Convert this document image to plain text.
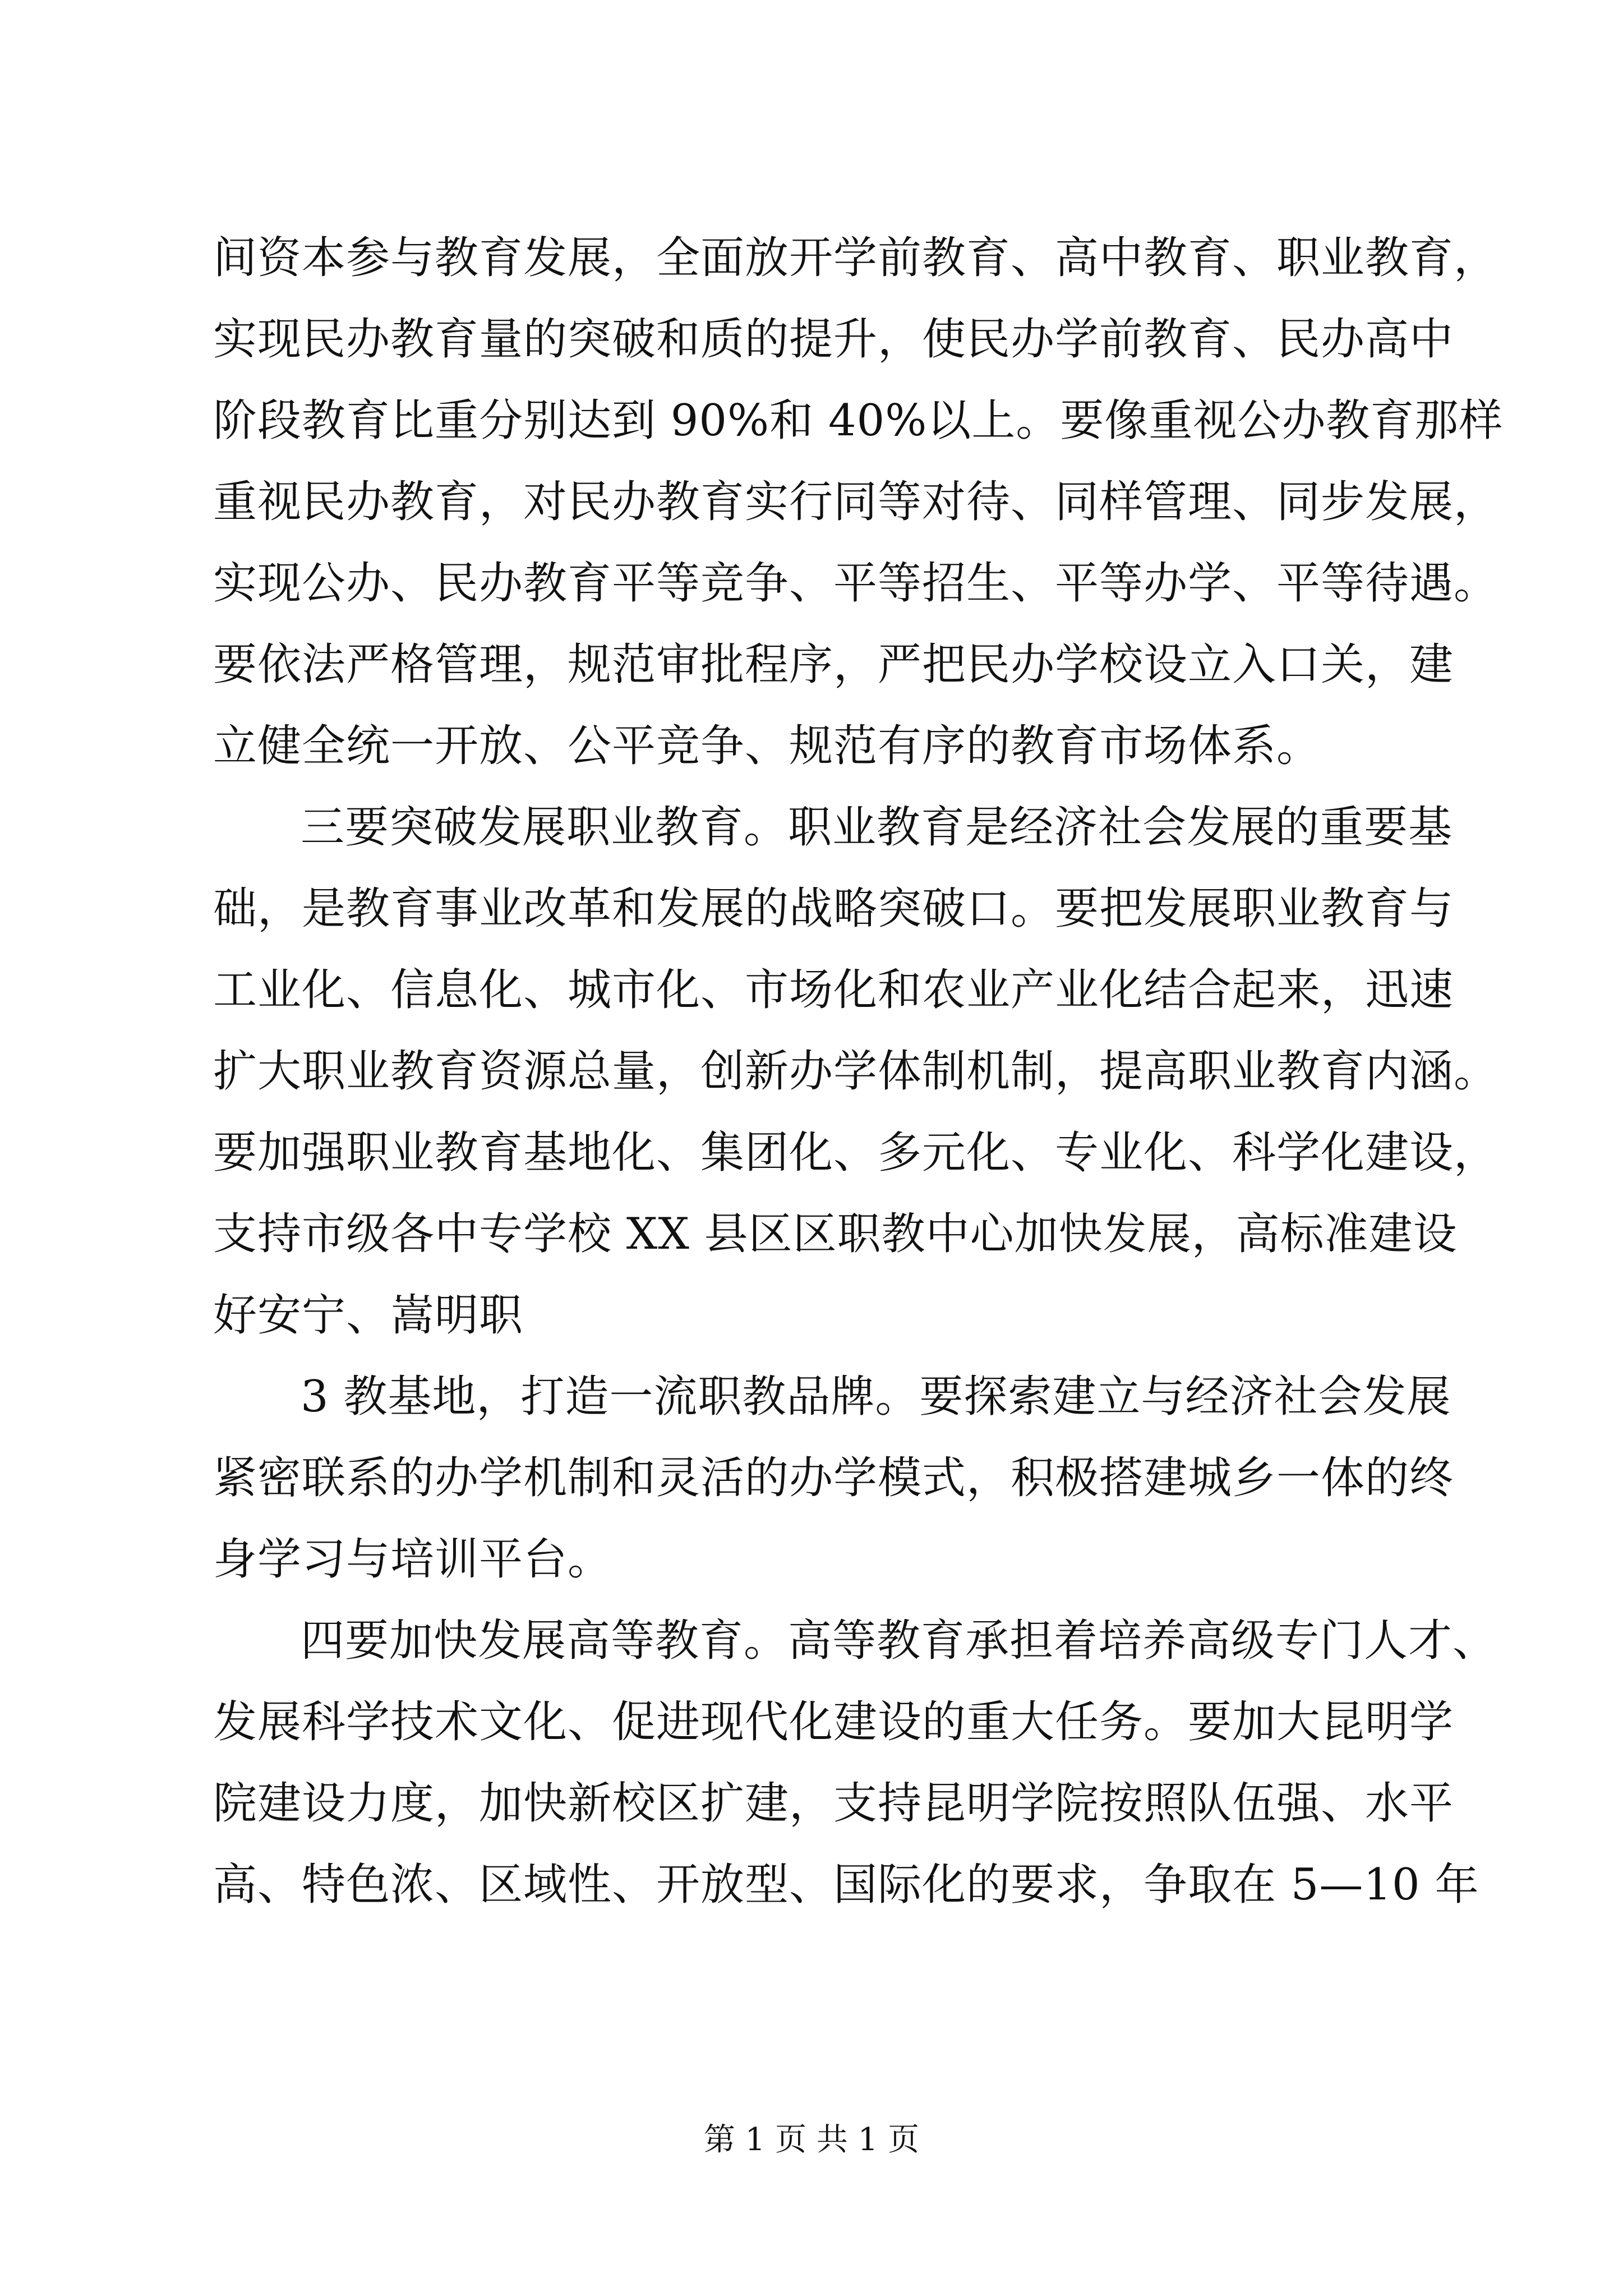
间资本参与教育发展，全面放开学前教育、高中教育、职业教育，
实现民办教育量的突破和质的提升，使民办学前教育、民办高中
阶段教育比重分别达到 90%和 40%以上。要像重视公办教育那样
重视民办教育，对民办教育实行同等对待、同样管理、同步发展，
实现公办、民办教育平等竞争、平等招生、平等办学、平等待遇。
要依法严格管理，规范审批程序，严把民办学校设立入口关，建
立健全统一开放、公平竞争、规范有序的教育市场体系。
三要突破发展职业教育。职业教育是经济社会发展的重要基
础，是教育事业改革和发展的战略突破口。要把发展职业教育与
工业化、信息化、城市化、市场化和农业产业化结合起来，迅速
扩大职业教育资源总量，创新办学体制机制，提高职业教育内涵。
要加强职业教育基地化、集团化、多元化、专业化、科学化建设，
支持市级各中专学校 XX 县区区职教中心加快发展，高标准建设
好安宁、嵩明职
3 教基地，打造一流职教品牌。要探索建立与经济社会发展
紧密联系的办学机制和灵活的办学模式，积极搭建城乡一体的终
身学习与培训平台。
四要加快发展高等教育。高等教育承担着培养高级专门人才、
发展科学技术文化、促进现代化建设的重大任务。要加大昆明学
院建设力度，加快新校区扩建，支持昆明学院按照队伍强、水平
高、特色浓、区域性、开放型、国际化的要求，争取在 5—10 年
第 1 页 共 1 页
